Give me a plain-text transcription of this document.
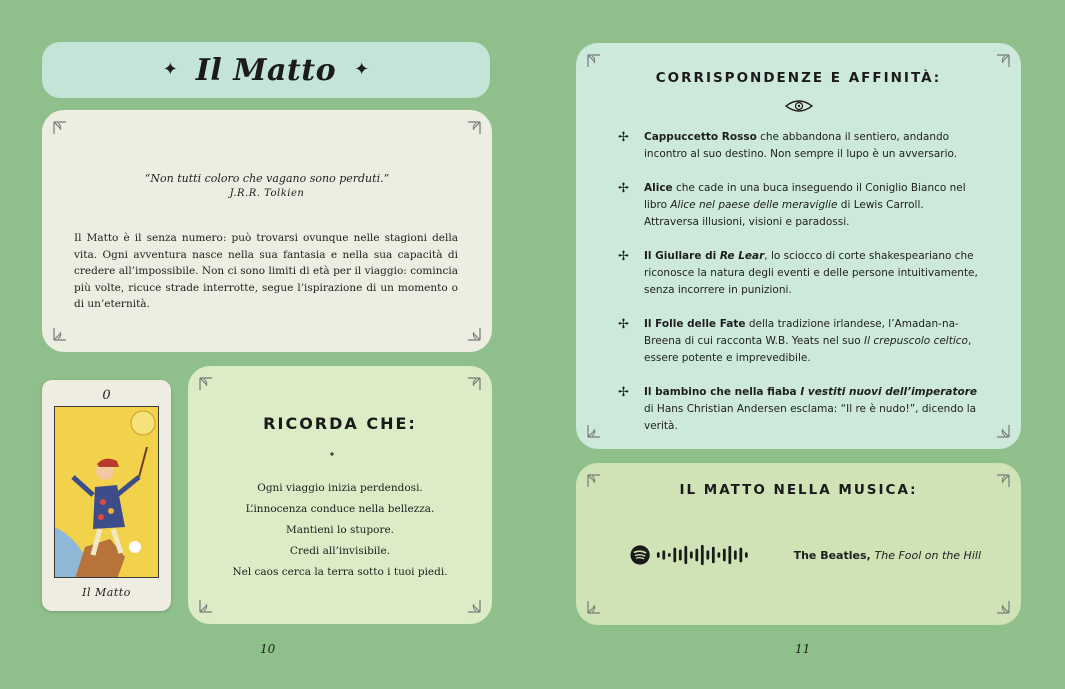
✦ Il Matto ✦
“Non tutti coloro che vagano sono perduti.”
J.R.R. Tolkien

Il Matto è il senza numero: può trovarsi ovunque nelle stagioni della vita. Ogni avventura nasce nella sua fantasia e nella sua capacità di credere all’impossibile. Non ci sono limiti di età per il viaggio: comincia più volte, ricuce strade interrotte, segue l’ispirazione di un momento o di un’eternità.

0
Il Matto
RICORDA CHE:
Ogni viaggio inizia perdendosi.
L’innocenza conduce nella bellezza.
Mantieni lo stupore.
Credi all’invisibile.
Nel caos cerca la terra sotto i tuoi piedi.
10
CORRISPONDENZE E AFFINITÀ:
✢ Cappuccetto Rosso che abbandona il sentiero, andando incontro al suo destino. Non sempre il lupo è un avversario.
✢ Alice che cade in una buca inseguendo il Coniglio Bianco nel libro Alice nel paese delle meraviglie di Lewis Carroll. Attraversa illusioni, visioni e paradossi.
✢ Il Giullare di Re Lear, lo sciocco di corte shakespeariano che riconosce la natura degli eventi e delle persone intuitivamente, senza incorrere in punizioni.
✢ Il Folle delle Fate della tradizione irlandese, l’Amadan-na-Breena di cui racconta W.B. Yeats nel suo Il crepuscolo celtico, essere potente e imprevedibile.
✢ Il bambino che nella fiaba I vestiti nuovi dell’imperatore di Hans Christian Andersen esclama: “Il re è nudo!”, dicendo la verità.
IL MATTO NELLA MUSICA:
The Beatles, The Fool on the Hill
11
